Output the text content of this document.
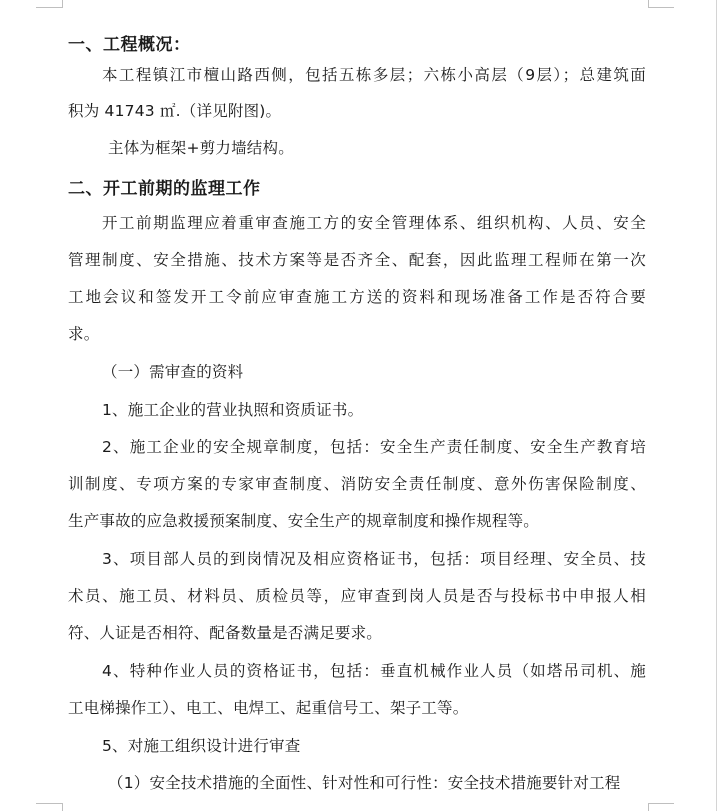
一、工程概况：
本工程镇江市檀山路西侧，包括五栋多层；六栋小高层（9层）；总建筑面
积为 41743 ㎡.（详见附图)。
主体为框架+剪力墙结构。
二、开工前期的监理工作
开工前期监理应着重审查施工方的安全管理体系、组织机构、人员、安全
管理制度、安全措施、技术方案等是否齐全、配套，因此监理工程师在第一次
工地会议和签发开工令前应审查施工方送的资料和现场准备工作是否符合要
求。
（一）需审查的资料
1、施工企业的营业执照和资质证书。
2、施工企业的安全规章制度，包括：安全生产责任制度、安全生产教育培
训制度、专项方案的专家审查制度、消防安全责任制度、意外伤害保险制度、
生产事故的应急救援预案制度、安全生产的规章制度和操作规程等。
3、项目部人员的到岗情况及相应资格证书，包括：项目经理、安全员、技
术员、施工员、材料员、质检员等，应审查到岗人员是否与投标书中申报人相
符、人证是否相符、配备数量是否满足要求。
4、特种作业人员的资格证书，包括：垂直机械作业人员（如塔吊司机、施
工电梯操作工）、电工、电焊工、起重信号工、架子工等。
5、对施工组织设计进行审查
（1）安全技术措施的全面性、针对性和可行性：安全技术措施要针对工程
